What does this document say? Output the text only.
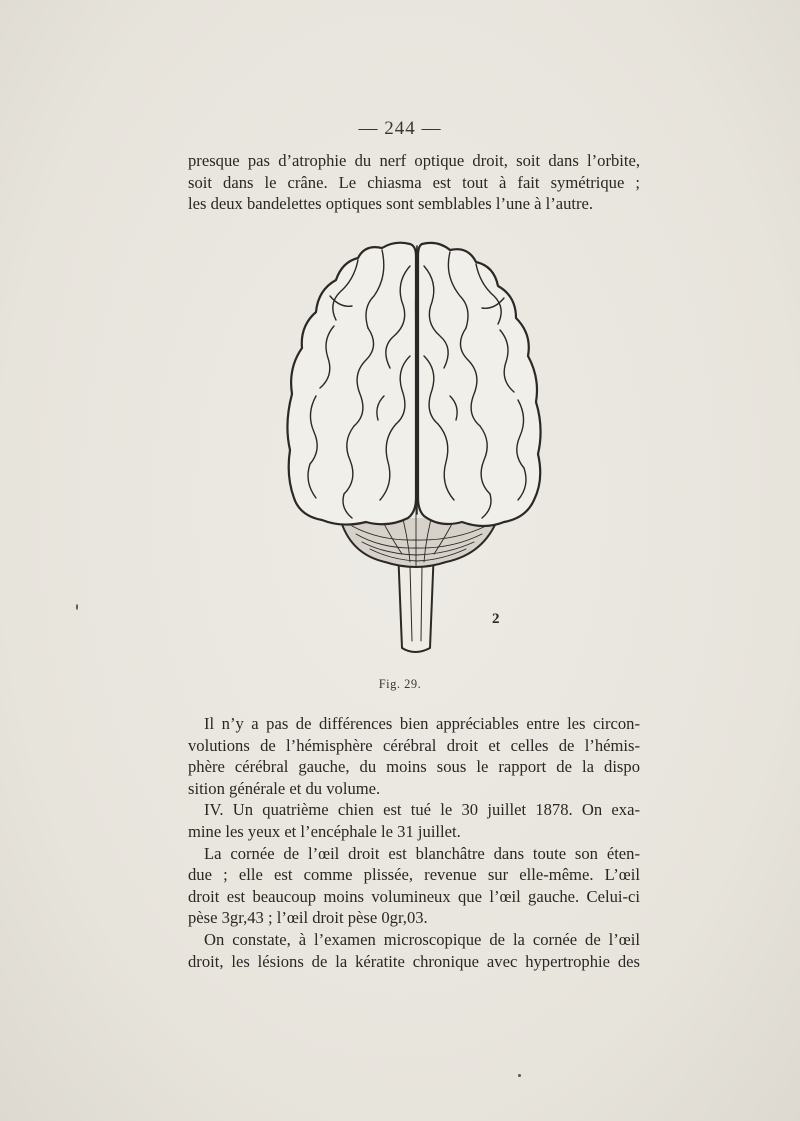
— 244 —
presque pas d’atrophie du nerf optique droit, soit dans l’orbite,
soit dans le crâne. Le chiasma est tout à fait symétrique ;
les deux bandelettes optiques sont semblables l’une à l’autre.
2
Fig. 29.

Il n’y a pas de différences bien appréciables entre les circon-
volutions de l’hémisphère cérébral droit et celles de l’hémis-
phère cérébral gauche, du moins sous le rapport de la dispo
sition générale et du volume.

IV. Un quatrième chien est tué le 30 juillet 1878. On exa-
mine les yeux et l’encéphale le 31 juillet.

La cornée de l’œil droit est blanchâtre dans toute son éten-
due ; elle est comme plissée, revenue sur elle-même. L’œil
droit est beaucoup moins volumineux que l’œil gauche. Celui-ci
pèse 3gr,43 ; l’œil droit pèse 0gr,03.

On constate, à l’examen microscopique de la cornée de l’œil
droit, les lésions de la kératite chronique avec hypertrophie des
